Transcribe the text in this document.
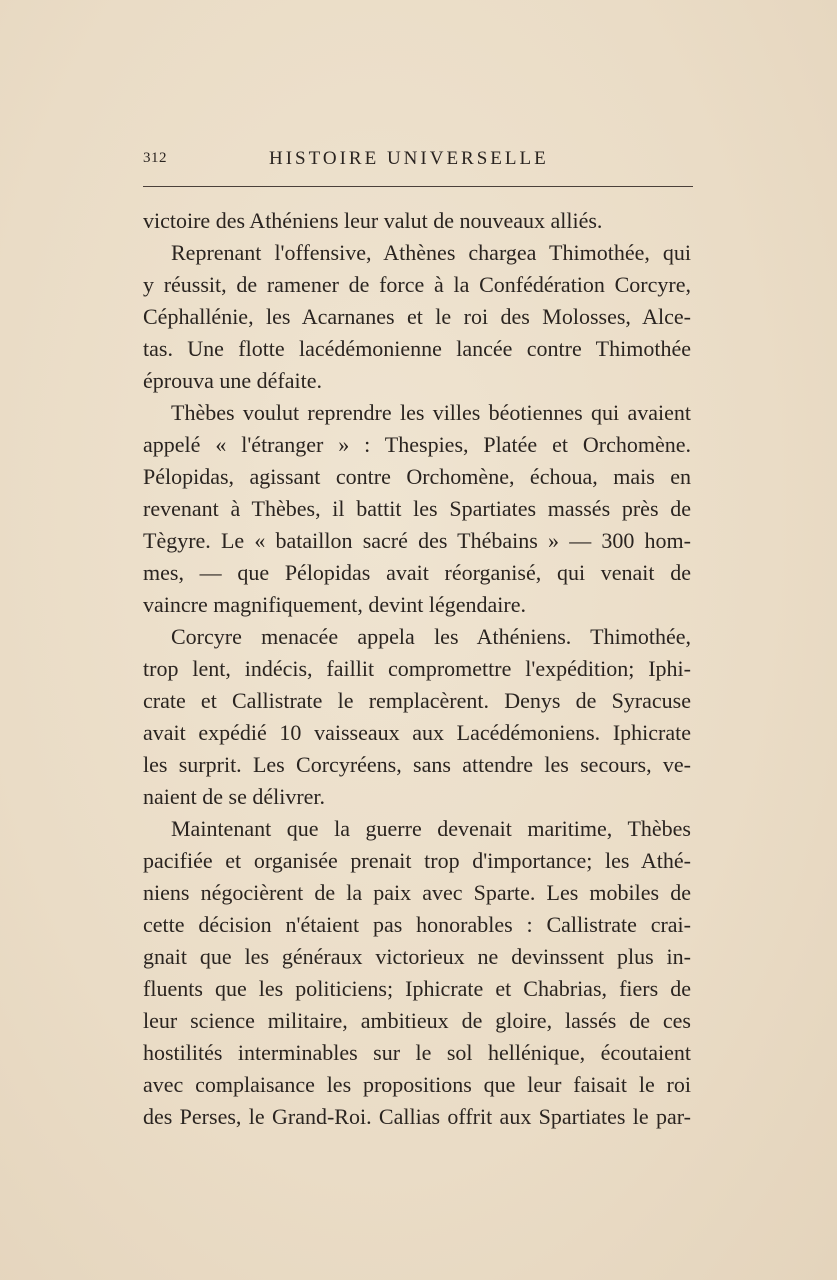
312	HISTOIRE UNIVERSELLE
victoire des Athéniens leur valut de nouveaux alliés.
Reprenant l'offensive, Athènes chargea Thimothée, qui
y réussit, de ramener de force à la Confédération Corcyre,
Céphallénie, les Acarnanes et le roi des Molosses, Alce-
tas. Une flotte lacédémonienne lancée contre Thimothée
éprouva une défaite.
Thèbes voulut reprendre les villes béotiennes qui avaient
appelé « l'étranger » : Thespies, Platée et Orchomène.
Pélopidas, agissant contre Orchomène, échoua, mais en
revenant à Thèbes, il battit les Spartiates massés près de
Tègyre. Le « bataillon sacré des Thébains » — 300 hom-
mes, — que Pélopidas avait réorganisé, qui venait de
vaincre magnifiquement, devint légendaire.
Corcyre menacée appela les Athéniens. Thimothée,
trop lent, indécis, faillit compromettre l'expédition; Iphi-
crate et Callistrate le remplacèrent. Denys de Syracuse
avait expédié 10 vaisseaux aux Lacédémoniens. Iphicrate
les surprit. Les Corcyréens, sans attendre les secours, ve-
naient de se délivrer.
Maintenant que la guerre devenait maritime, Thèbes
pacifiée et organisée prenait trop d'importance; les Athé-
niens négocièrent de la paix avec Sparte. Les mobiles de
cette décision n'étaient pas honorables : Callistrate crai-
gnait que les généraux victorieux ne devinssent plus in-
fluents que les politiciens; Iphicrate et Chabrias, fiers de
leur science militaire, ambitieux de gloire, lassés de ces
hostilités interminables sur le sol hellénique, écoutaient
avec complaisance les propositions que leur faisait le roi
des Perses, le Grand-Roi. Callias offrit aux Spartiates le par-
